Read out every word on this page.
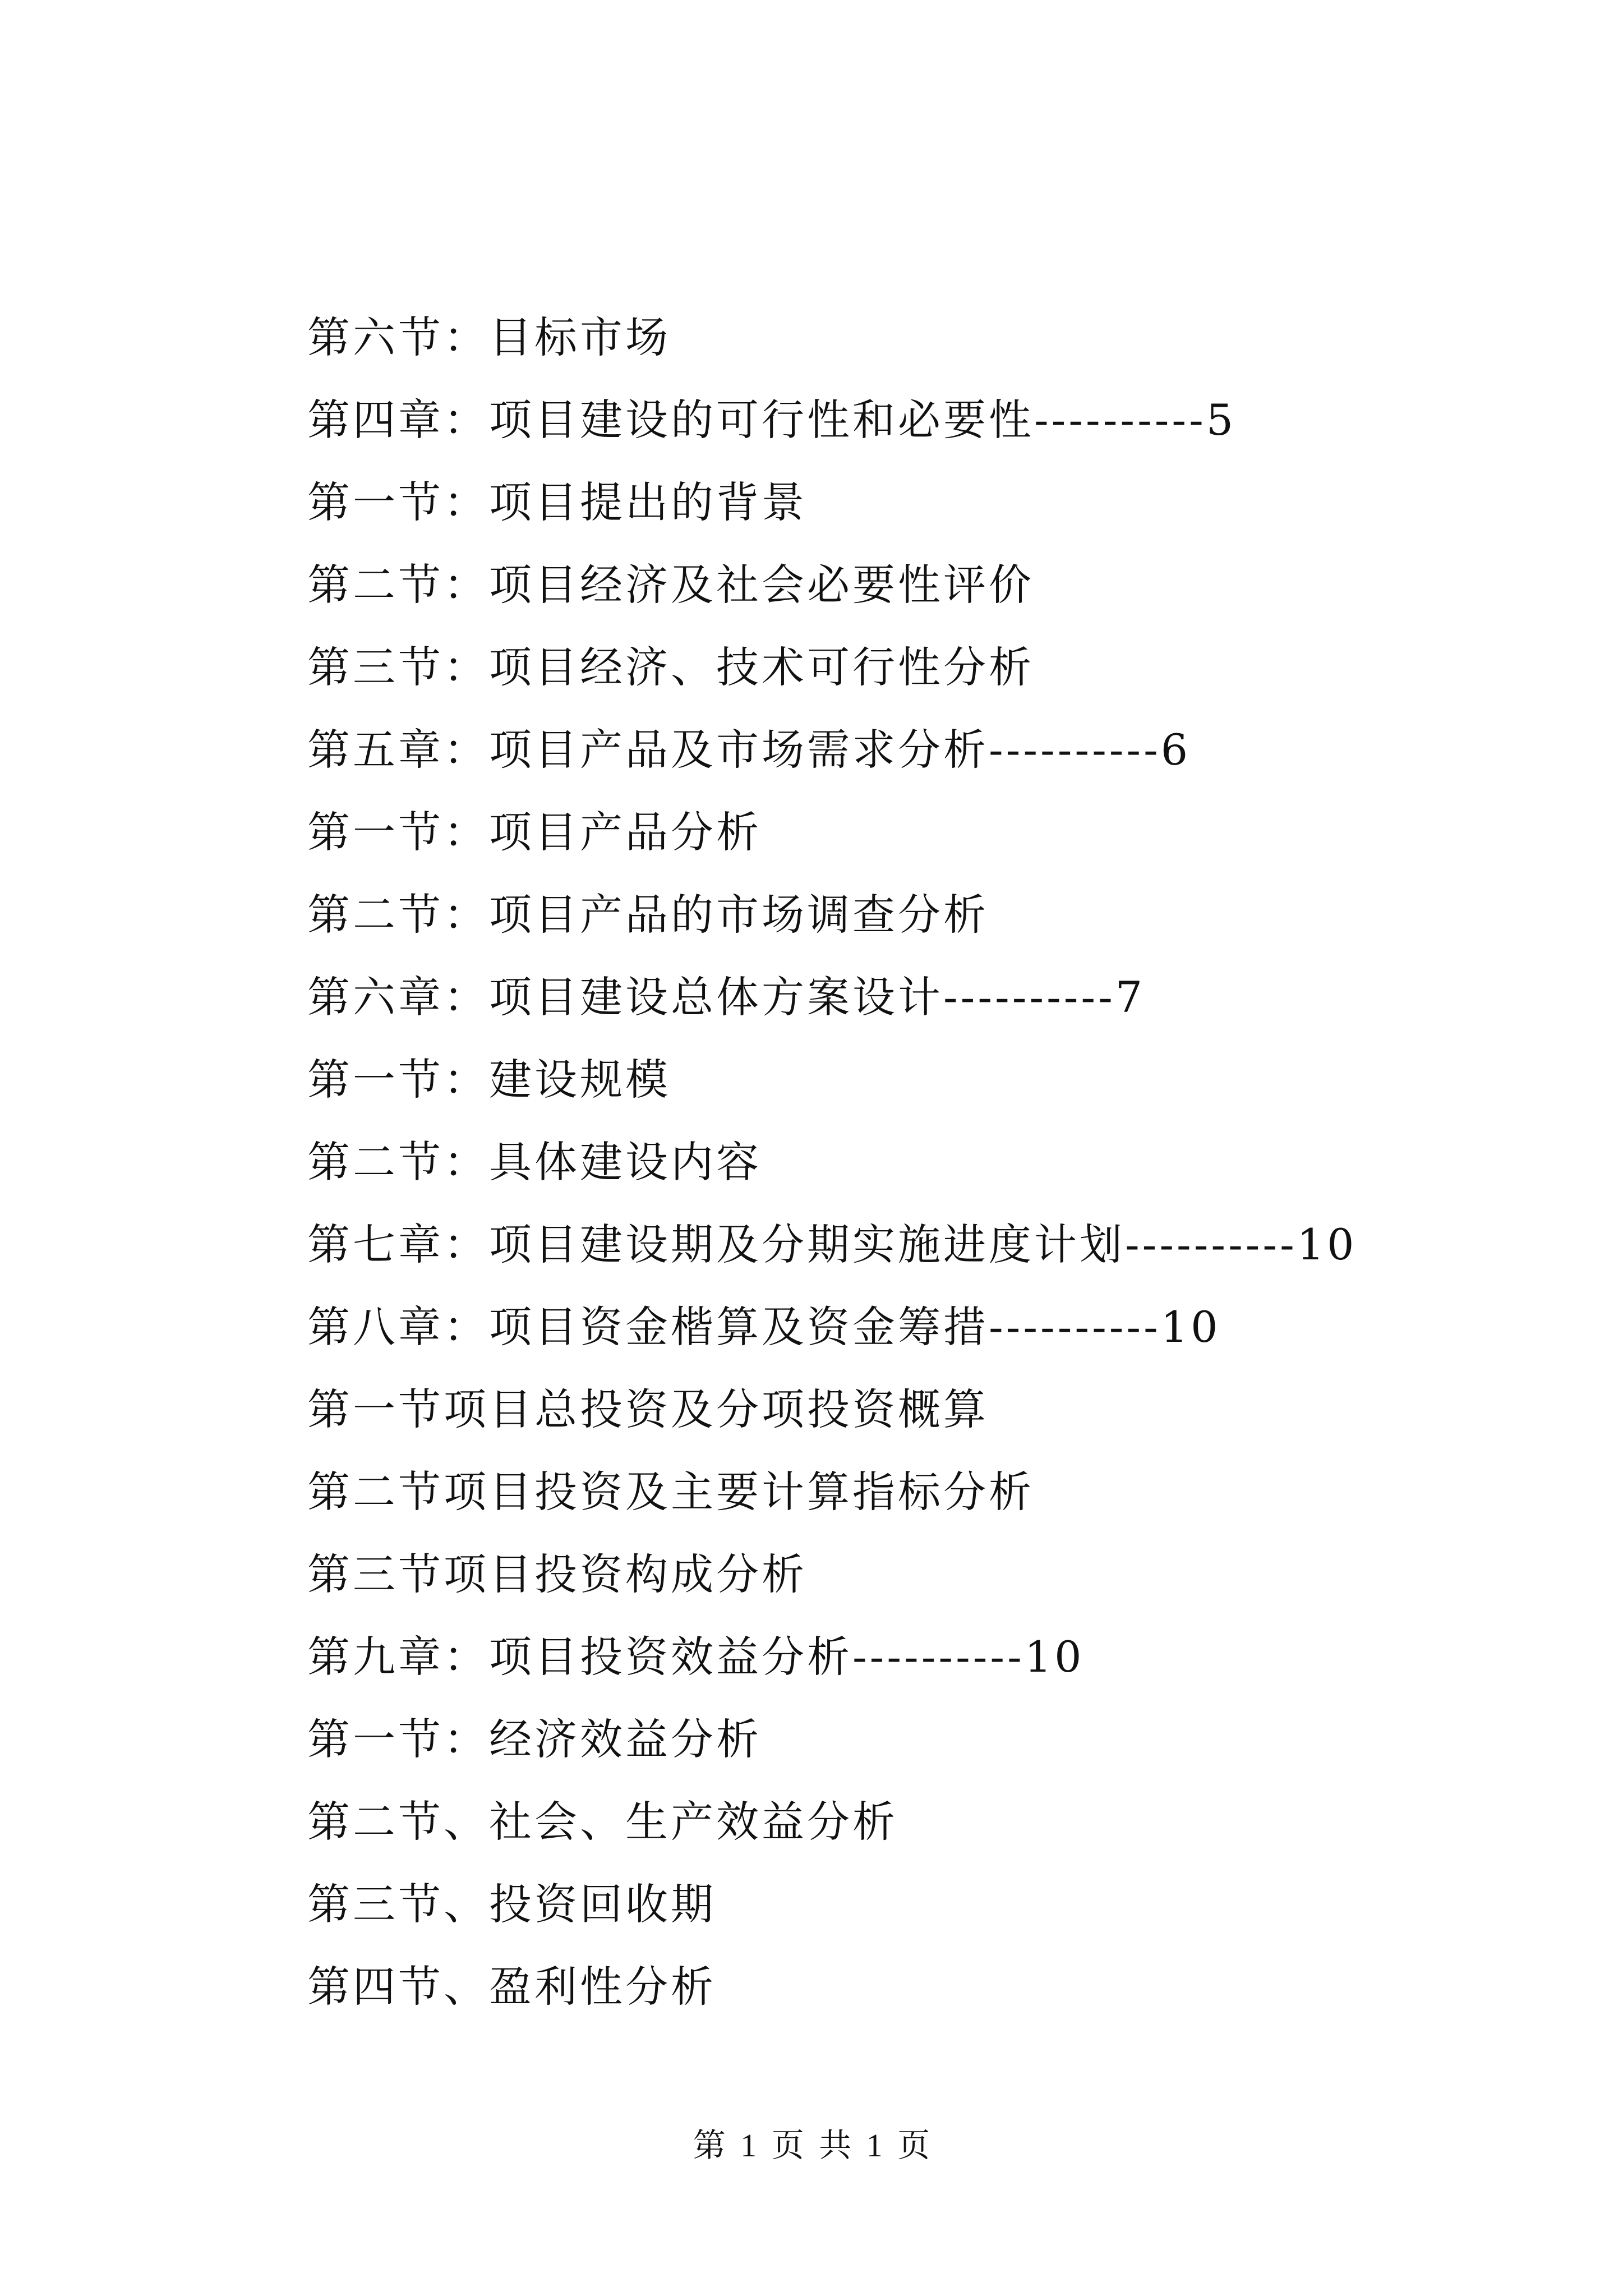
第六节：目标市场
第四章：项目建设的可行性和必要性----------5
第一节：项目提出的背景
第二节：项目经济及社会必要性评价
第三节：项目经济、技术可行性分析
第五章：项目产品及市场需求分析----------6
第一节：项目产品分析
第二节：项目产品的市场调查分析
第六章：项目建设总体方案设计----------7
第一节：建设规模
第二节：具体建设内容
第七章：项目建设期及分期实施进度计划----------10
第八章：项目资金楷算及资金筹措----------10
第一节项目总投资及分项投资概算
第二节项目投资及主要计算指标分析
第三节项目投资构成分析
第九章：项目投资效益分析----------10
第一节：经济效益分析
第二节、社会、生产效益分析
第三节、投资回收期
第四节、盈利性分析
第 1 页 共 1 页
